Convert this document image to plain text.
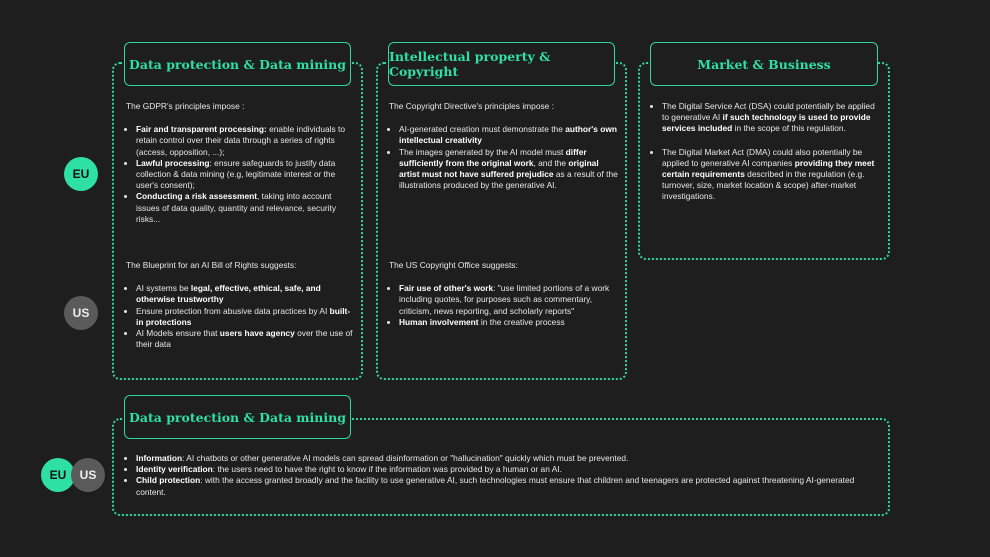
EU
US
EU US
Data protection & Data mining

The GDPR's principles impose :

• Fair and transparent processing: enable individuals to retain control over their data through a series of rights (access, opposition, ...);
• Lawful processing: ensure safeguards to justify data collection & data mining (e.g, legitimate interest or the user's consent);
• Conducting a risk assessment, taking into account issues of data quality, quantity and relevance, security risks...

The Blueprint for an AI Bill of Rights suggests:

• AI systems be legal, effective, ethical, safe, and otherwise trustworthy
• Ensure protection from abusive data practices by AI built-in protections
• AI Models ensure that users have agency over the use of their data
Intellectual property & Copyright

The Copyright Directive's principles impose :

• AI-generated creation must demonstrate the author's own intellectual creativity
• The images generated by the AI model must differ sufficiently from the original work, and the original artist must not have suffered prejudice as a result of the illustrations produced by the generative AI.

The US Copyright Office suggests:

• Fair use of other's work: "use limited portions of a work including quotes, for purposes such as commentary, criticism, news reporting, and scholarly reports"
• Human involvement in the creative process
Market & Business
• The Digital Service Act (DSA) could potentially be applied to generative AI if such technology is used to provide services included in the scope of this regulation.
• The Digital Market Act (DMA) could also potentially be applied to generative AI companies providing they meet certain requirements described in the regulation (e.g. turnover, size, market location & scope) after-market investigations.
Data protection & Data mining
• Information: AI chatbots or other generative AI models can spread disinformation or "hallucination" quickly which must be prevented.
• Identity verification: the users need to have the right to know if the information was provided by a human or an AI.
• Child protection: with the access granted broadly and the facility to use generative AI, such technologies must ensure that children and teenagers are protected against threatening AI-generated content.
